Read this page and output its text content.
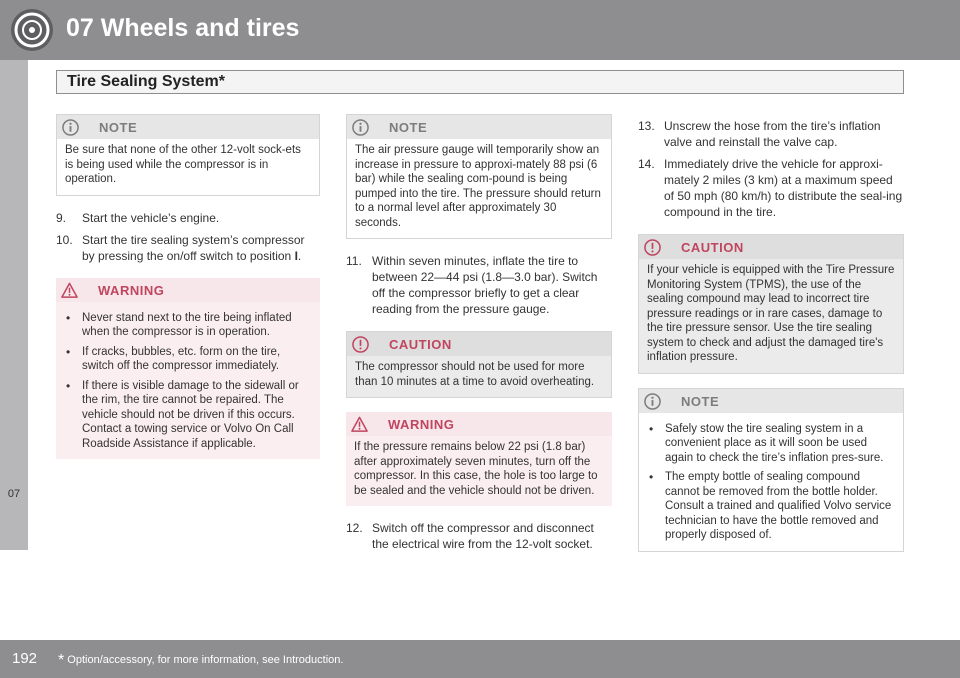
07 Wheels and tires
07
Tire Sealing System*
NOTE
Be sure that none of the other 12-volt sock-ets is being used while the compressor is in operation.
9. Start the vehicle’s engine.
10. Start the tire sealing system’s compressor by pressing the on/off switch to position I.
WARNING
• Never stand next to the tire being inflated when the compressor is in operation.
• If cracks, bubbles, etc. form on the tire, switch off the compressor immediately.
• If there is visible damage to the sidewall or the rim, the tire cannot be repaired. The vehicle should not be driven if this occurs. Contact a towing service or Volvo On Call Roadside Assistance if applicable.
NOTE
The air pressure gauge will temporarily show an increase in pressure to approxi-mately 88 psi (6 bar) while the sealing com-pound is being pumped into the tire. The pressure should return to a normal level after approximately 30 seconds.
11. Within seven minutes, inflate the tire to between 22—44 psi (1.8—3.0 bar). Switch off the compressor briefly to get a clear reading from the pressure gauge.
CAUTION
The compressor should not be used for more than 10 minutes at a time to avoid overheating.
WARNING
If the pressure remains below 22 psi (1.8 bar) after approximately seven minutes, turn off the compressor. In this case, the hole is too large to be sealed and the vehicle should not be driven.
12. Switch off the compressor and disconnect the electrical wire from the 12-volt socket.
13. Unscrew the hose from the tire’s inflation valve and reinstall the valve cap.
14. Immediately drive the vehicle for approxi-mately 2 miles (3 km) at a maximum speed of 50 mph (80 km/h) to distribute the seal-ing compound in the tire.
CAUTION
If your vehicle is equipped with the Tire Pressure Monitoring System (TPMS), the use of the sealing compound may lead to incorrect tire pressure readings or in rare cases, damage to the tire pressure sensor. Use the tire sealing system to check and adjust the damaged tire's inflation pressure.
NOTE
• Safely stow the tire sealing system in a convenient place as it will soon be used again to check the tire’s inflation pres-sure.
• The empty bottle of sealing compound cannot be removed from the bottle holder. Consult a trained and qualified Volvo service technician to have the bottle removed and properly disposed of.
192 * Option/accessory, for more information, see Introduction.
